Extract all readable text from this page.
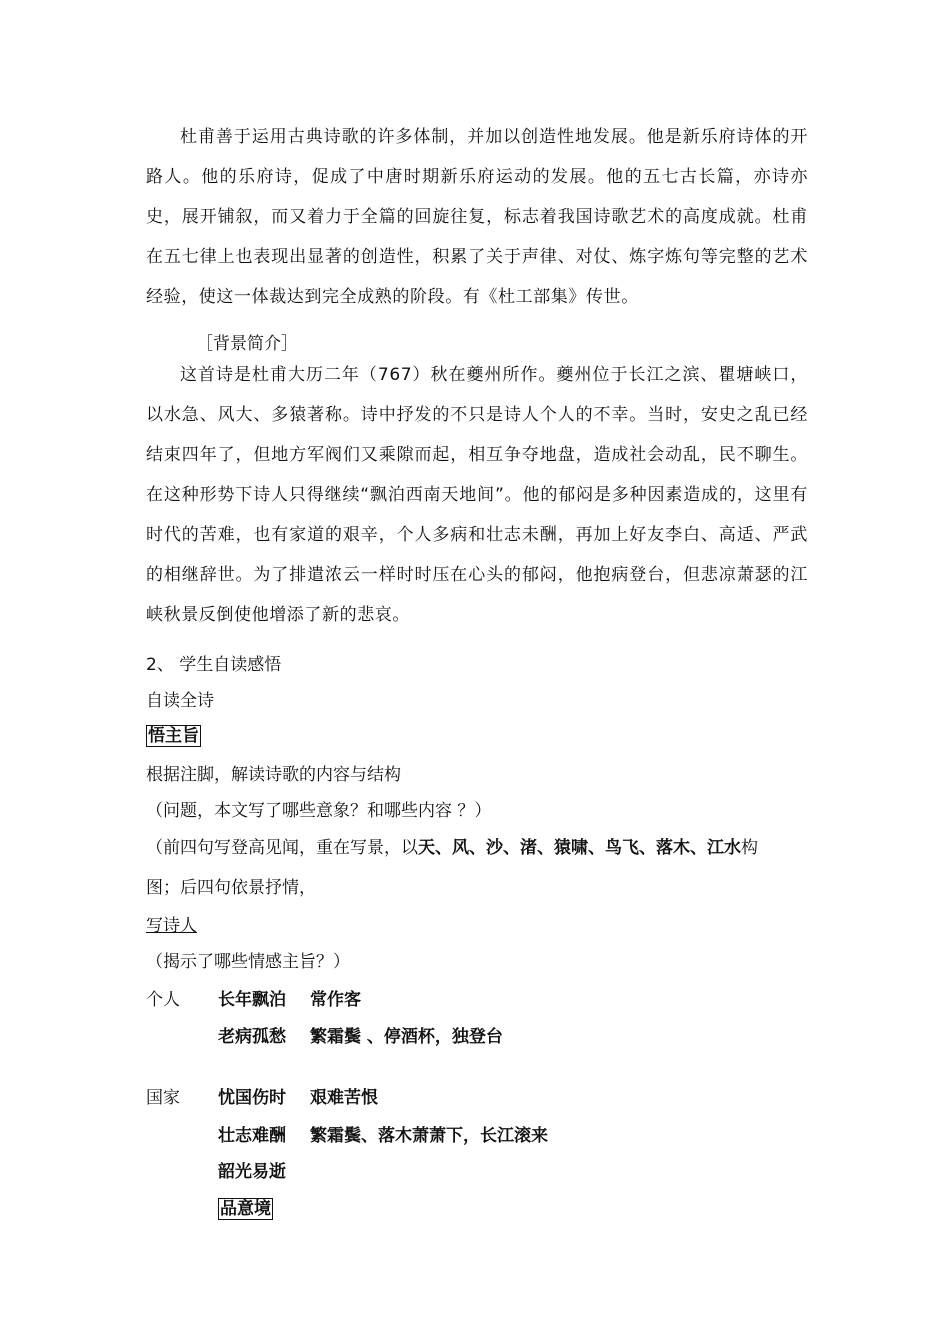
杜甫善于运用古典诗歌的许多体制，并加以创造性地发展。他是新乐府诗体的开路人。他的乐府诗，促成了中唐时期新乐府运动的发展。他的五七古长篇，亦诗亦史，展开铺叙，而又着力于全篇的回旋往复，标志着我国诗歌艺术的高度成就。杜甫在五七律上也表现出显著的创造性，积累了关于声律、对仗、炼字炼句等完整的艺术经验，使这一体裁达到完全成熟的阶段。有《杜工部集》传世。

［背景简介］

这首诗是杜甫大历二年（767）秋在夔州所作。夔州位于长江之滨、瞿塘峡口，以水急、风大、多猿著称。诗中抒发的不只是诗人个人的不幸。当时，安史之乱已经结束四年了，但地方军阀们又乘隙而起，相互争夺地盘，造成社会动乱，民不聊生。在这种形势下诗人只得继续“飘泊西南天地间”。他的郁闷是多种因素造成的，这里有时代的苦难，也有家道的艰辛，个人多病和壮志未酬，再加上好友李白、高适、严武的相继辞世。为了排遣浓云一样时时压在心头的郁闷，他抱病登台，但悲凉萧瑟的江峡秋景反倒使他增添了新的悲哀。

2、 学生自读感悟
自读全诗
悟主旨
根据注脚，解读诗歌的内容与结构
（问题，本文写了哪些意象？和哪些内容 ？）
（前四句写登高见闻，重在写景，以天、风、沙、渚、猿啸、鸟飞、落木、江水构
图；后四句依景抒情，
写诗人
（揭示了哪些情感主旨？）
个人 长年飘泊 常作客
老病孤愁 繁霜鬓 、停酒杯，独登台
国家 忧国伤时 艰难苦恨
壮志难酬 繁霜鬓、落木萧萧下，长江滚来
韶光易逝
品意境
